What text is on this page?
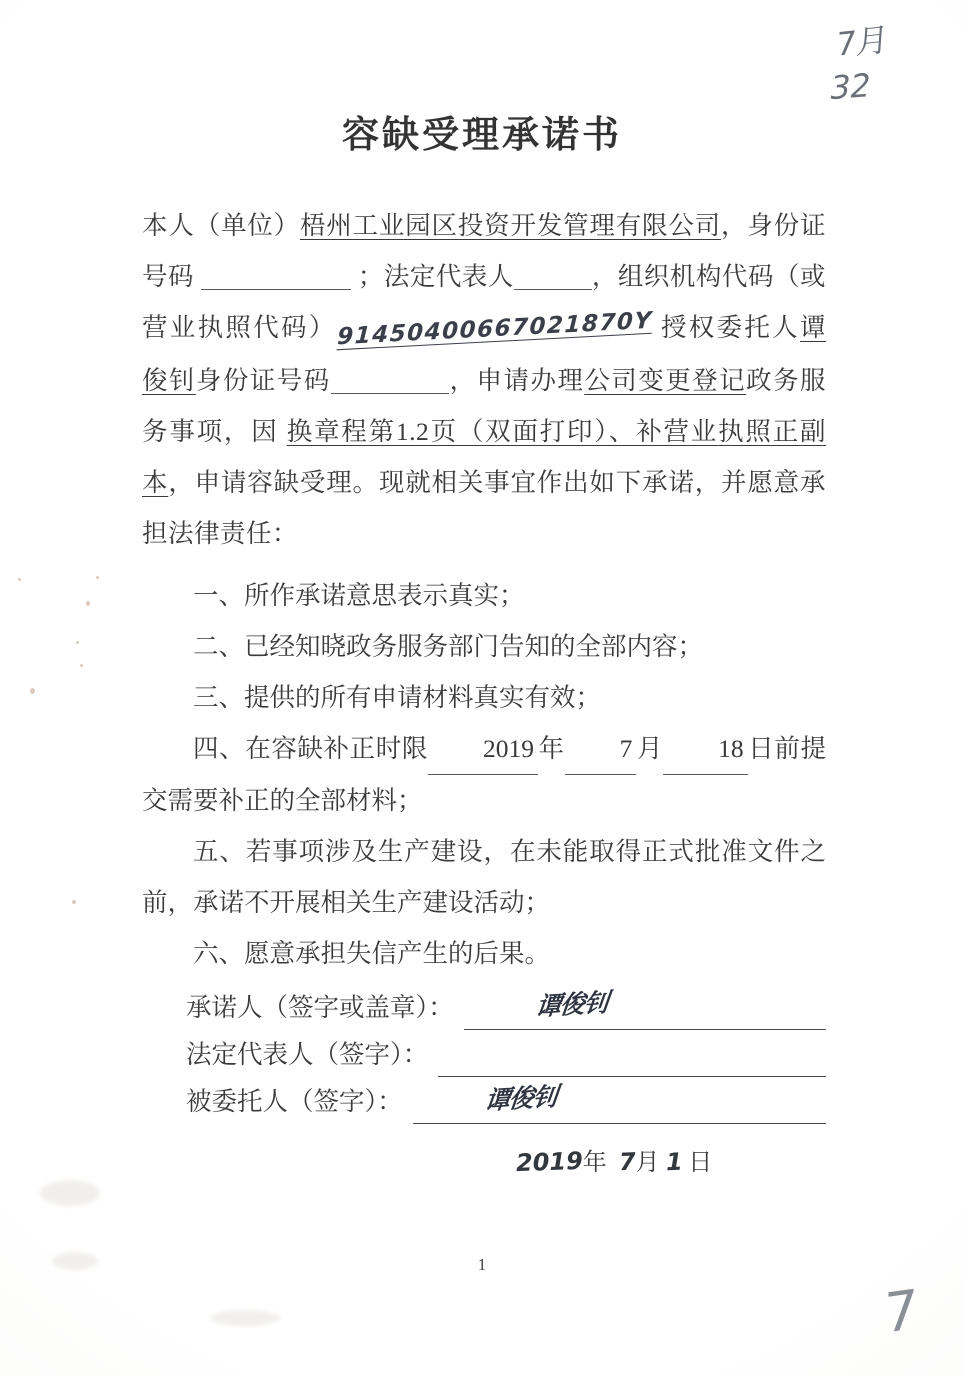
7月
32
容缺受理承诺书

本人（单位）梧州工业园区投资开发管理有限公司，身份证号码	；法定代表人	，组织机构代码（或营业执照代码）91450400667021870Y 授权委托人谭俊钊身份证号码	，申请办理公司变更登记政务服务事项，因 换章程第1.2页（双面打印）、补营业执照正副本，申请容缺受理。现就相关事宜作出如下承诺，并愿意承担法律责任：

一、所作承诺意思表示真实；

二、已经知晓政务服务部门告知的全部内容；

三、提供的所有申请材料真实有效；

四、在容缺补正时限 2019 年 7 月 18 日前提交需要补正的全部材料；

五、若事项涉及生产建设，在未能取得正式批准文件之前，承诺不开展相关生产建设活动；

六、愿意承担失信产生的后果。

承诺人（签字或盖章）：	谭俊钊
法定代表人（签字）：
被委托人（签字）：	谭俊钊
2019年 7月 1 日
1
7
